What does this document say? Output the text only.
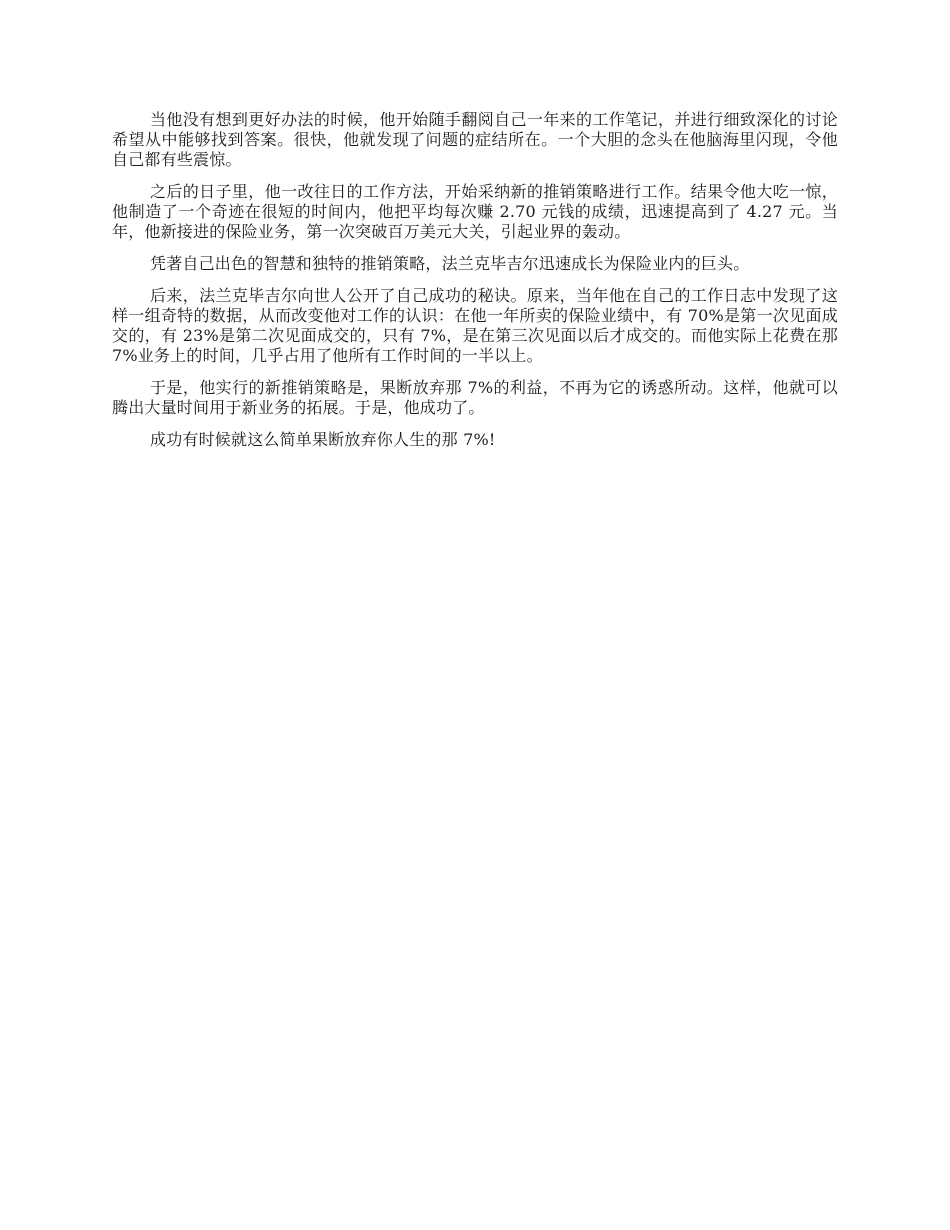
当他没有想到更好办法的时候，他开始随手翻阅自己一年来的工作笔记，并进行细致深化的讨论希望从中能够找到答案。很快，他就发现了问题的症结所在。一个大胆的念头在他脑海里闪现，令他自己都有些震惊。

之后的日子里，他一改往日的工作方法，开始采纳新的推销策略进行工作。结果令他大吃一惊，他制造了一个奇迹在很短的时间内，他把平均每次赚 2.70 元钱的成绩，迅速提高到了 4.27 元。当年，他新接进的保险业务，第一次突破百万美元大关，引起业界的轰动。

凭著自己出色的智慧和独特的推销策略，法兰克毕吉尔迅速成长为保险业内的巨头。

后来，法兰克毕吉尔向世人公开了自己成功的秘诀。原来，当年他在自己的工作日志中发现了这样一组奇特的数据，从而改变他对工作的认识：在他一年所卖的保险业绩中，有 70%是第一次见面成交的，有 23%是第二次见面成交的，只有 7%，是在第三次见面以后才成交的。而他实际上花费在那 7%业务上的时间，几乎占用了他所有工作时间的一半以上。

于是，他实行的新推销策略是，果断放弃那 7%的利益，不再为它的诱惑所动。这样，他就可以腾出大量时间用于新业务的拓展。于是，他成功了。

成功有时候就这么简单果断放弃你人生的那 7%!
